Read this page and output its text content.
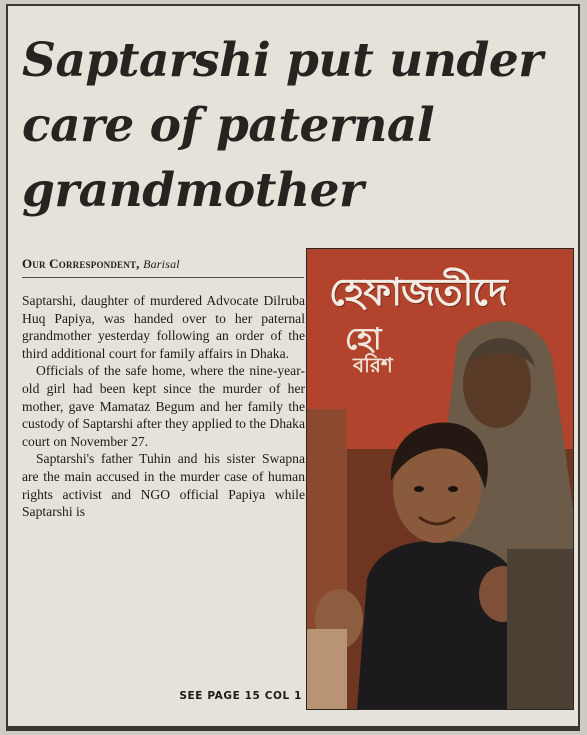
Saptarshi put under
care of paternal
grandmother
Our Correspondent, Barisal

Saptarshi, daughter of murdered Advocate Dilruba Huq Papiya, was handed over to her paternal grandmother yesterday following an order of the third additional court for family affairs in Dhaka.

Officials of the safe home, where the nine-year-old girl had been kept since the murder of her mother, gave Mamataz Begum and her family the custody of Saptarshi after they applied to the Dhaka court on November 27.

Saptarshi's father Tuhin and his sister Swapna are the main accused in the murder case of human rights activist and NGO official Papiya while Saptarshi is

SEE PAGE 15 COL 1
হেফাজতীদে
হো
বরিশ
